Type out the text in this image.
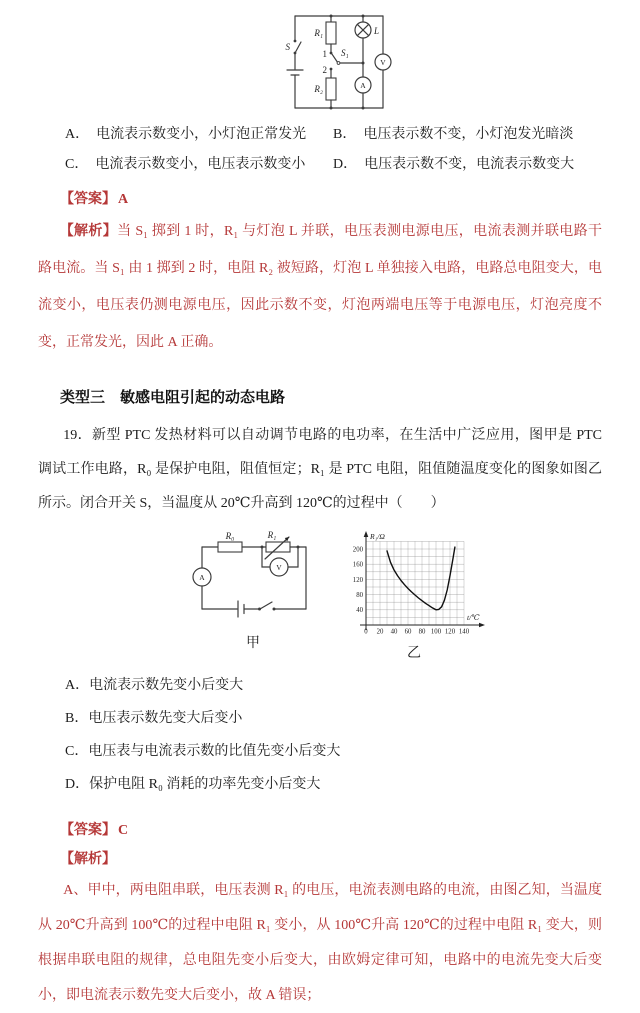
S
R₁
1 S₁
2
R₂
L
V
A
A． 电流表示数变小，小灯泡正常发光	B． 电压表示数不变，小灯泡发光暗淡
C． 电流表示数变小，电压表示数变小	D． 电压表示数不变，电流表示数变大
【答案】 A

【解析】当 S₁ 掷到 1 时，R₁ 与灯泡 L 并联，电压表测电源电压，电流表测并联电路干路电流。当 S₁ 由 1 掷到 2 时，电阻 R₂ 被短路，灯泡 L 单独接入电路，电路总电阻变大，电流变小，电压表仍测电源电压，因此示数不变，灯泡两端电压等于电源电压，灯泡亮度不变，正常发光，因此 A 正确。

类型三　敏感电阻引起的动态电路

19．新型 PTC 发热材料可以自动调节电路的电功率，在生活中广泛应用，图甲是 PTC 调试工作电路，R₀ 是保护电阻，阻值恒定；R₁ 是 PTC 电阻，阻值随温度变化的图象如图乙所示。闭合开关 S，当温度从 20℃升高到 120℃的过程中（　　）

R₀	R₁
V
A
甲
0 20 40 60 80 100 120 140
40
80
120
160
200
R₁/Ω
t/℃
乙
A．电流表示数先变小后变大
B．电压表示数先变大后变小
C．电压表与电流表示数的比值先变小后变大
D．保护电阻 R₀ 消耗的功率先变小后变大
【答案】 C
【解析】

A、甲中，两电阻串联，电压表测 R₁ 的电压，电流表测电路的电流，由图乙知，当温度从 20℃升高到 100℃的过程中电阻 R₁ 变小，从 100℃升高 120℃的过程中电阻 R₁ 变大，则根据串联电阻的规律，总电阻先变小后变大，由欧姆定律可知，电路中的电流先变大后变小，即电流表示数先变大后变小，故 A 错误；
